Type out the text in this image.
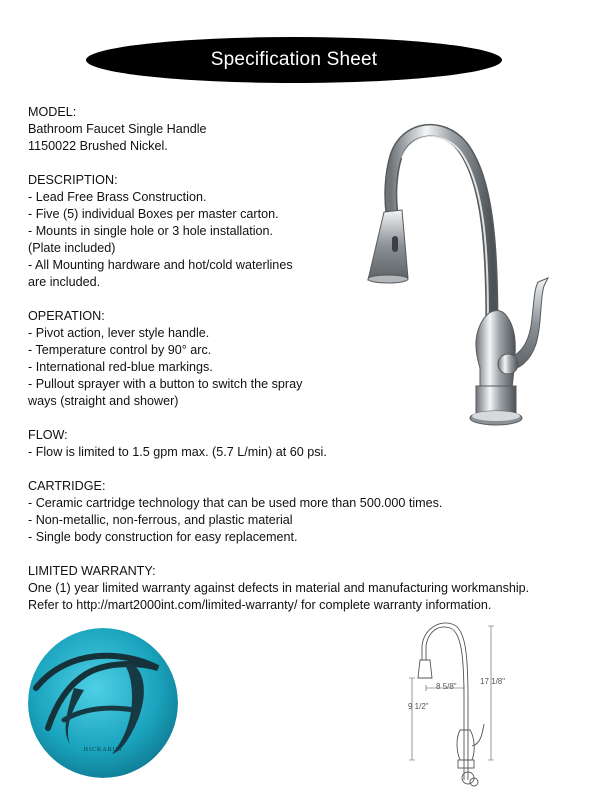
Specification Sheet
MODEL:
Bathroom Faucet Single Handle
1150022 Brushed Nickel.
DESCRIPTION:
- Lead Free Brass Construction.
- Five (5) individual Boxes per master carton.
- Mounts in single hole or 3 hole installation.
(Plate included)
- All Mounting hardware and hot/cold waterlines
are included.
OPERATION:
- Pivot action, lever style handle.
- Temperature control by 90° arc.
- International red-blue markings.
- Pullout sprayer with a button to switch the spray
ways (straight and shower)
FLOW:
- Flow is limited to 1.5 gpm max. (5.7 L/min) at 60 psi.
CARTRIDGE:
- Ceramic cartridge technology that can be used more than 500.000 times.
- Non-metallic, non-ferrous, and plastic material
- Single body construction for easy replacement.
LIMITED WARRANTY:
One (1) year limited warranty against defects in material and manufacturing workmanship.
Refer to http://mart2000int.com/limited-warranty/ for complete warranty information.
HICKARUS
17 1/8"
8 5/8"
9 1/2"
